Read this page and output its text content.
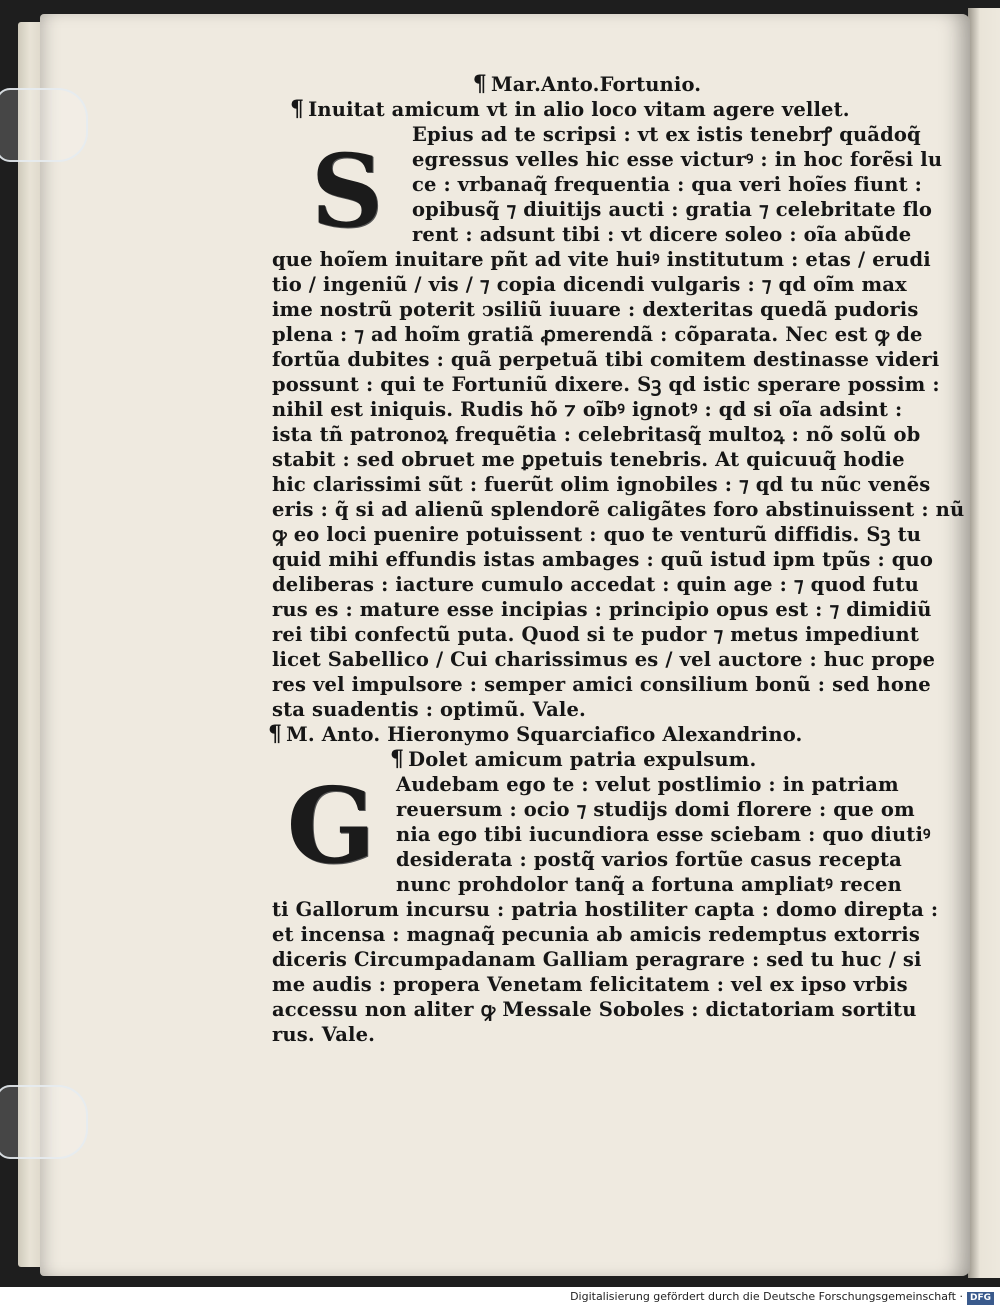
S
G
¶ Mar.Anto.Fortunio.
¶ Inuitat amicum vt in alio loco vitam agere vellet.
Epius ad te scripsi : vt ex istis tenebrꝭ quãdoq̃
egressus velles hic esse victurꝰ : in hoc forẽsi lu
ce : vrbanaq̃ frequentia : qua veri hoĩes fiunt :
opibusq̃ ⁊ diuitijs aucti : gratia ⁊ celebritate flo
rent : adsunt tibi : vt dicere soleo : oĩa abũde
que hoĩem inuitare pñt ad vite huiꝰ institutum : etas / erudi
tio / ingeniũ / vis / ⁊ copia dicendi vulgaris : ⁊ qd oĩm max
ime nostrũ poterit ↄsiliũ iuuare : dexteritas quedã pudoris
plena : ⁊ ad hoĩm gratiã ꝓmerendã : cõparata. Nec est ꝙ de
fortũa dubites : quã perpetuã tibi comitem destinasse videri
possunt : qui te Fortuniũ dixere. Sꝫ qd istic sperare possim :
nihil est iniquis. Rudis hõ ⁊ oĩbꝰ ignotꝰ : qd si oĩa adsint :
ista tñ patronoꝝ frequẽtia : celebritasq̃ multoꝝ : nõ solũ ob
stabit : sed obruet me ꝑpetuis tenebris. At quicuuq̃ hodie
hic clarissimi sũt : fuerũt olim ignobiles : ⁊ qd tu nũc venẽs
eris : q̃ si ad alienũ splendorẽ caligãtes foro abstinuissent : nũ
ꝙ eo loci puenire potuissent : quo te venturũ diffidis. Sꝫ tu
quid mihi effundis istas ambages : quũ istud ipm tpũs : quo
deliberas : iacture cumulo accedat : quin age : ⁊ quod futu
rus es : mature esse incipias : principio opus est : ⁊ dimidiũ
rei tibi confectũ puta. Quod si te pudor ⁊ metus impediunt
licet Sabellico / Cui charissimus es / vel auctore : huc prope
res vel impulsore : semper amici consilium bonũ : sed hone
sta suadentis : optimũ. Vale.
¶ M. Anto. Hieronymo Squarciafico Alexandrino.
¶ Dolet amicum patria expulsum.
Audebam ego te : velut postlimio : in patriam
reuersum : ocio ⁊ studijs domi florere : que om
nia ego tibi iucundiora esse sciebam : quo diutiꝰ
desiderata : postq̃ varios fortũe casus recepta
nunc prohdolor tanq̃ a fortuna ampliatꝰ recen
ti Gallorum incursu : patria hostiliter capta : domo direpta :
et incensa : magnaq̃ pecunia ab amicis redemptus extorris
diceris Circumpadanam Galliam peragrare : sed tu huc / si
me audis : propera Venetam felicitatem : vel ex ipso vrbis
accessu non aliter ꝙ Messale Soboles : dictatoriam sortitu
rus. Vale.
Digitalisierung gefördert durch die Deutsche Forschungsgemeinschaft · DFG
